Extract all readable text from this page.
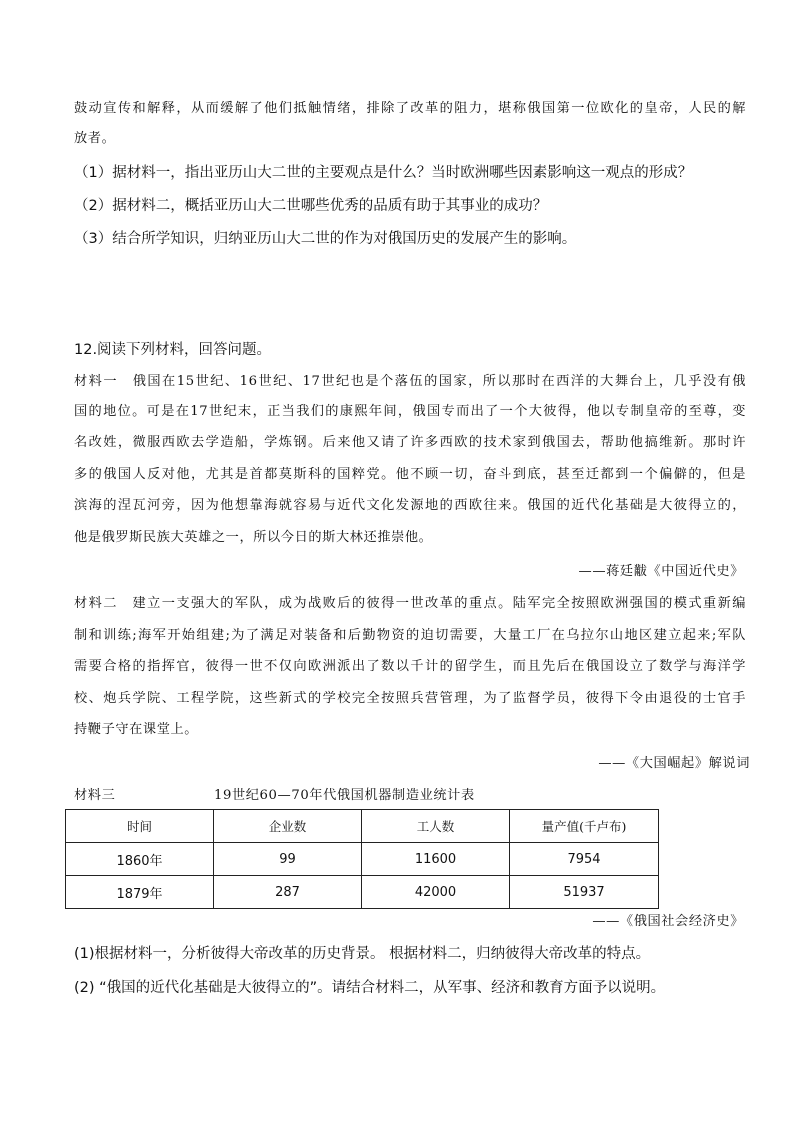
鼓动宣传和解释，从而缓解了他们抵触情绪，排除了改革的阻力，堪称俄国第一位欧化的皇帝，人民的解
放者。
（1）据材料一，指出亚历山大二世的主要观点是什么？当时欧洲哪些因素影响这一观点的形成？
（2）据材料二，概括亚历山大二世哪些优秀的品质有助于其事业的成功？
（3）结合所学知识，归纳亚历山大二世的作为对俄国历史的发展产生的影响。
12.阅读下列材料，回答问题。
材料一　俄国在15世纪、16世纪、17世纪也是个落伍的国家，所以那时在西洋的大舞台上，几乎没有俄
国的地位。可是在17世纪末，正当我们的康熙年间，俄国专而出了一个大彼得，他以专制皇帝的至尊，变
名改姓，微服西欧去学造船，学炼钢。后来他又请了许多西欧的技术家到俄国去，帮助他搞维新。那时许
多的俄国人反对他，尤其是首都莫斯科的国粹党。他不顾一切，奋斗到底，甚至迁都到一个偏僻的，但是
滨海的涅瓦河旁，因为他想靠海就容易与近代文化发源地的西欧往来。俄国的近代化基础是大彼得立的，
他是俄罗斯民族大英雄之一，所以今日的斯大林还推崇他。
——蒋廷黻《中国近代史》
材料二　建立一支强大的军队，成为战败后的彼得一世改革的重点。陆军完全按照欧洲强国的模式重新编
制和训练;海军开始组建;为了满足对装备和后勤物资的迫切需要，大量工厂在乌拉尔山地区建立起来;军队
需要合格的指挥官，彼得一世不仅向欧洲派出了数以千计的留学生，而且先后在俄国设立了数学与海洋学
校、炮兵学院、工程学院，这些新式的学校完全按照兵营管理，为了监督学员，彼得下令由退役的士官手
持鞭子守在课堂上。
——《大国崛起》解说词
材料三	19世纪60—70年代俄国机器制造业统计表
时间	企业数	工人数	量产值(千卢布)
1860年	99	11600	7954
1879年	287	42000	51937
——《俄国社会经济史》
(1)根据材料一，分析彼得大帝改革的历史背景。 根据材料二，归纳彼得大帝改革的特点。
(2) “俄国的近代化基础是大彼得立的”。请结合材料二，从军事、经济和教育方面予以说明。
